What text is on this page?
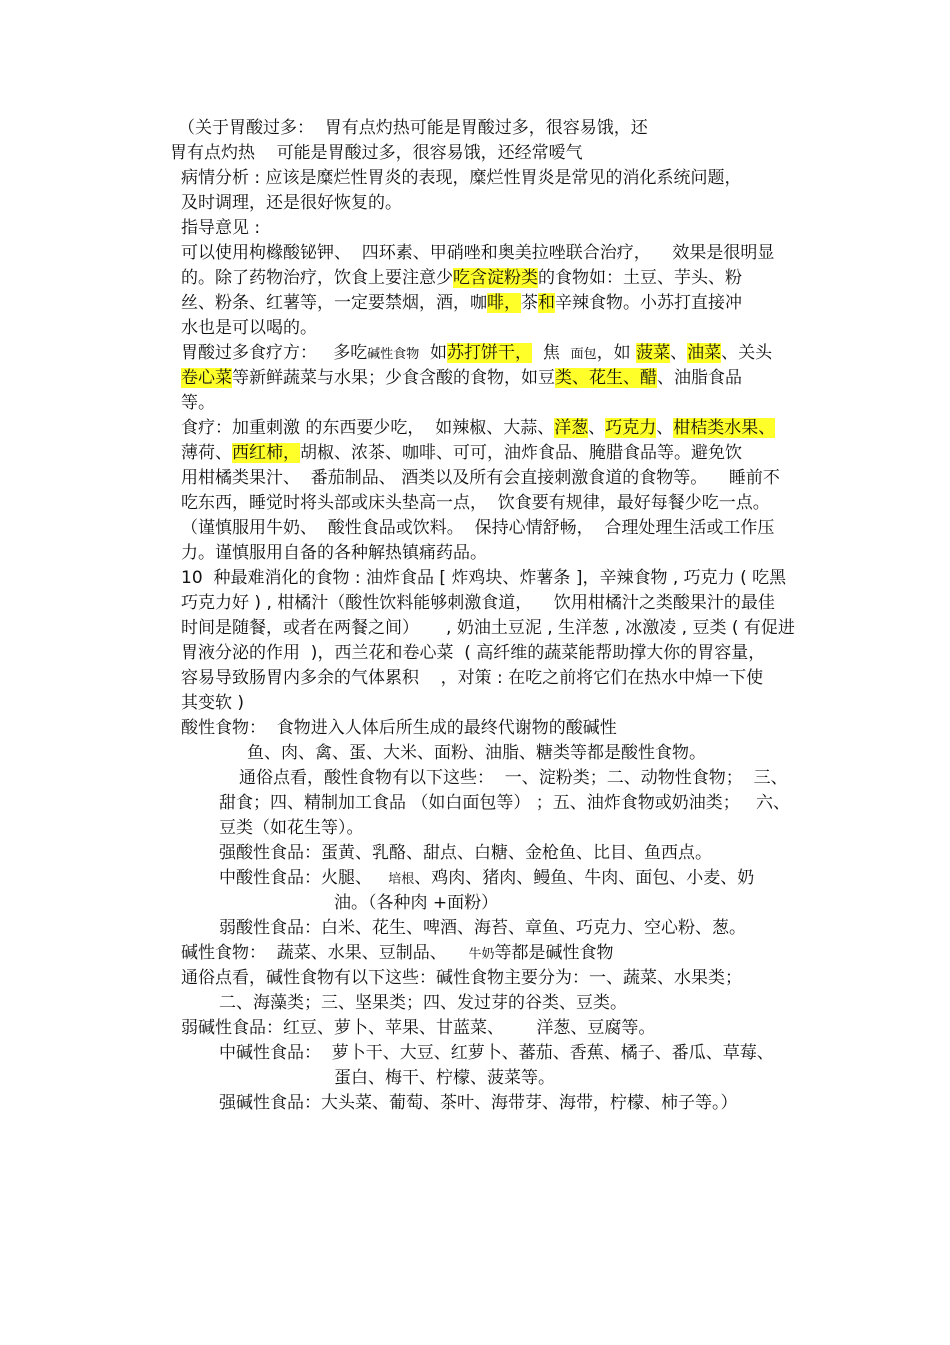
（关于胃酸过多：  胃有点灼热可能是胃酸过多，很容易饿，还
胃有点灼热    可能是胃酸过多，很容易饿，还经常嗳气
病情分析 : 应该是糜烂性胃炎的表现，糜烂性胃炎是常见的消化系统问题，
及时调理，还是很好恢复的。
指导意见 :
可以使用枸橼酸铋钾、  四环素、甲硝唑和奥美拉唑联合治疗，    效果是很明显
的。除了药物治疗，饮食上要注意少吃含淀粉类的食物如：土豆、芋头、粉
丝、粉条、红薯等，一定要禁烟，酒，咖啡，茶和辛辣食物。小苏打直接冲
水也是可以喝的。
胃酸过多食疗方：   多吃碱性食物  如苏打饼干，  焦  面包，如 菠菜、油菜、关头
卷心菜等新鲜蔬菜与水果；少食含酸的食物，如豆类、花生、醋、油脂食品
等。
食疗：加重刺激 的东西要少吃，  如辣椒、大蒜、洋葱、巧克力、柑桔类水果、
薄荷、西红柿，胡椒、浓茶、咖啡、可可，油炸食品、腌腊食品等。避免饮
用柑橘类果汁、  番茄制品、 酒类以及所有会直接刺激食道的食物等。    睡前不
吃东西，睡觉时将头部或床头垫高一点，  饮食要有规律，最好每餐少吃一点。
（谨慎服用牛奶、  酸性食品或饮料。  保持心情舒畅，  合理处理生活或工作压
力。谨慎服用自备的各种解热镇痛药品。
10  种最难消化的食物 : 油炸食品 [ 炸鸡块、炸薯条 ]，辛辣食物 , 巧克力 ( 吃黑
巧克力好 ) , 柑橘汁（酸性饮料能够刺激食道，    饮用柑橘汁之类酸果汁的最佳
时间是随餐，或者在两餐之间）     , 奶油土豆泥 , 生洋葱 , 冰激凌 , 豆类 ( 有促进
胃液分泌的作用  )，西兰花和卷心菜  ( 高纤维的蔬菜能帮助撑大你的胃容量，
容易导致肠胃内多余的气体累积    ，对策 : 在吃之前将它们在热水中焯一下使
其变软 )
酸性食物：  食物进入人体后所生成的最终代谢物的酸碱性
鱼、肉、禽、蛋、大米、面粉、油脂、糖类等都是酸性食物。
通俗点看，酸性食物有以下这些：  一、淀粉类；二、动物性食物；  三、
甜食；四、精制加工食品 （如白面包等） ；五、油炸食物或奶油类；   六、
豆类（如花生等）。
强酸性食品：蛋黄、乳酪、甜点、白糖、金枪鱼、比目、鱼西点。
中酸性食品：火腿、   培根、鸡肉、猪肉、鳗鱼、牛肉、面包、小麦、奶
油。（各种肉 +面粉）
弱酸性食品：白米、花生、啤酒、海苔、章鱼、巧克力、空心粉、葱。
碱性食物：  蔬菜、水果、豆制品、    牛奶等都是碱性食物
通俗点看，碱性食物有以下这些：碱性食物主要分为：一、蔬菜、水果类；
二、海藻类；三、坚果类；四、发过芽的谷类、豆类。
弱碱性食品：红豆、萝卜、苹果、甘蓝菜、      洋葱、豆腐等。
中碱性食品：  萝卜干、大豆、红萝卜、蕃茄、香蕉、橘子、番瓜、草莓、
蛋白、梅干、柠檬、菠菜等。
强碱性食品：大头菜、葡萄、茶叶、海带芽、海带，柠檬、柿子等。）
